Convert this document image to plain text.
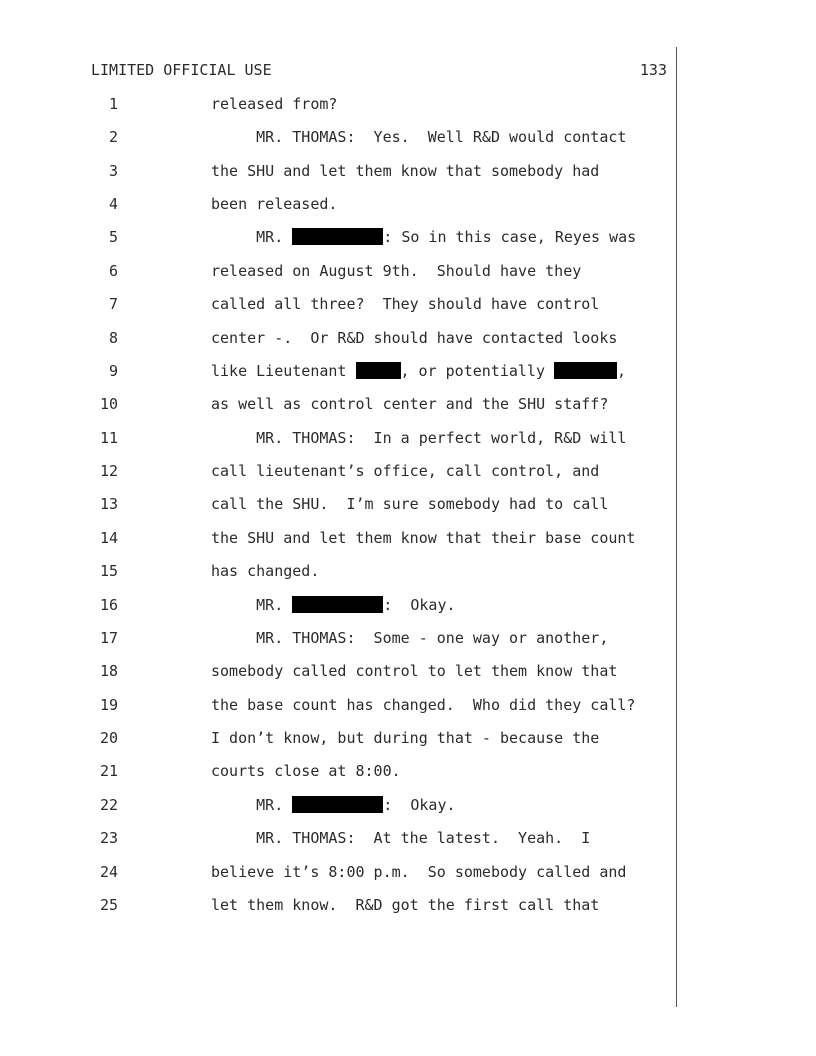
LIMITED OFFICIAL USE	133
1	released from?
2	MR. THOMAS:  Yes.  Well R&D would contact
3	the SHU and let them know that somebody had
4	been released.
5	MR.	: So in this case, Reyes was
6	released on August 9th.  Should have they
7	called all three?  They should have control
8	center -.  Or R&D should have contacted looks
9	like Lieutenant	, or potentially	,
10	as well as control center and the SHU staff?
11	MR. THOMAS:  In a perfect world, R&D will
12	call lieutenant’s office, call control, and
13	call the SHU.  I’m sure somebody had to call
14	the SHU and let them know that their base count
15	has changed.
16	MR.	:  Okay.
17	MR. THOMAS:  Some - one way or another,
18	somebody called control to let them know that
19	the base count has changed.  Who did they call?
20	I don’t know, but during that - because the
21	courts close at 8:00.
22	MR.	:  Okay.
23	MR. THOMAS:  At the latest.  Yeah.  I
24	believe it’s 8:00 p.m.  So somebody called and
25	let them know.  R&D got the first call that
